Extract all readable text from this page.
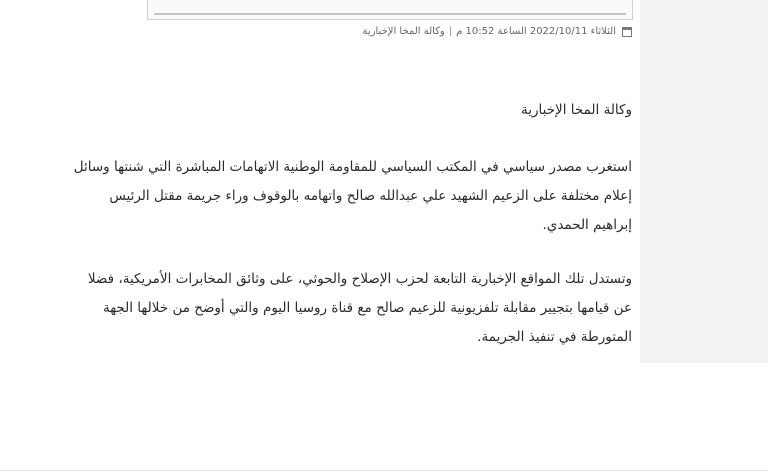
الثلاثاء 2022/10/11 الساعة 10:52 م
|
وكالة المخا الإخبارية

وكالة المخا الإخبارية

استغرب مصدر سياسي في المكتب السياسي للمقاومة الوطنية الاتهامات المباشرة التي شنتها وسائل إعلام مختلفة على الزعيم الشهيد علي عبدالله صالح واتهامه بالوقوف وراء جريمة مقتل الرئيس إبراهيم الحمدي.

وتستدل تلك المواقع الإخبارية التابعة لحزب الإصلاح والحوثي، على وثائق المخابرات الأمريكية، فضلا عن قيامها بتجيير مقابلة تلفزيونية للزعيم صالح مع قناة روسيا اليوم والتي أوضح من خلالها الجهة المتورطة في تنفيذ الجريمة.
